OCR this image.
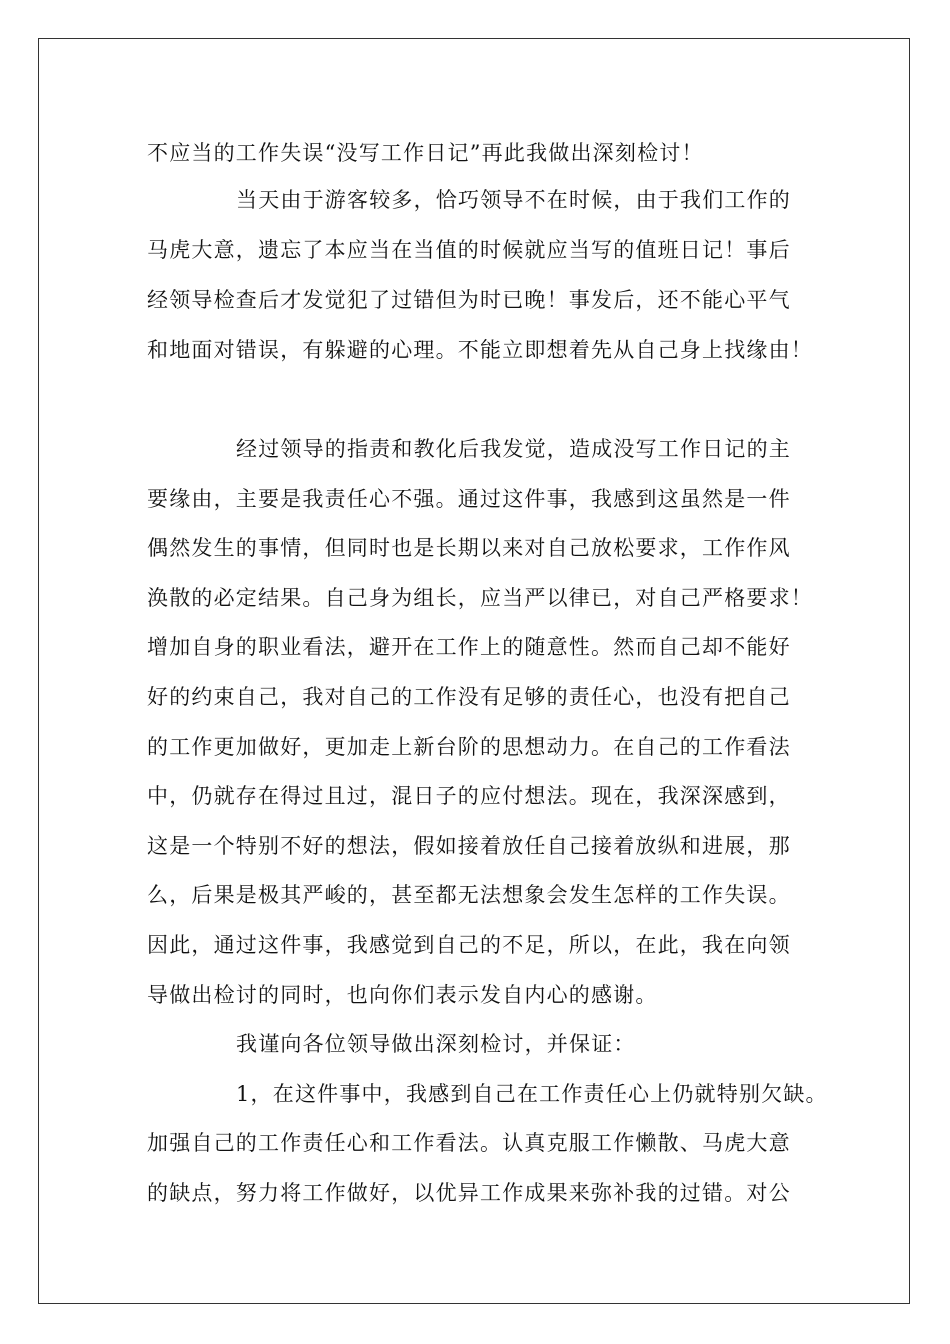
不应当的工作失误“没写工作日记”再此我做出深刻检讨！
当天由于游客较多，恰巧领导不在时候，由于我们工作的
马虎大意，遗忘了本应当在当值的时候就应当写的值班日记！事后
经领导检查后才发觉犯了过错但为时已晚！事发后，还不能心平气
和地面对错误，有躲避的心理。不能立即想着先从自己身上找缘由！
经过领导的指责和教化后我发觉，造成没写工作日记的主
要缘由，主要是我责任心不强。通过这件事，我感到这虽然是一件
偶然发生的事情，但同时也是长期以来对自己放松要求，工作作风
涣散的必定结果。自己身为组长，应当严以律已，对自己严格要求！
增加自身的职业看法，避开在工作上的随意性。然而自己却不能好
好的约束自己，我对自己的工作没有足够的责任心，也没有把自己
的工作更加做好，更加走上新台阶的思想动力。在自己的工作看法
中，仍就存在得过且过，混日子的应付想法。现在，我深深感到，
这是一个特别不好的想法，假如接着放任自己接着放纵和进展，那
么，后果是极其严峻的，甚至都无法想象会发生怎样的工作失误。
因此，通过这件事，我感觉到自己的不足，所以，在此，我在向领
导做出检讨的同时，也向你们表示发自内心的感谢。
我谨向各位领导做出深刻检讨，并保证：
1，在这件事中，我感到自己在工作责任心上仍就特别欠缺。
加强自己的工作责任心和工作看法。认真克服工作懒散、马虎大意
的缺点，努力将工作做好，以优异工作成果来弥补我的过错。对公
